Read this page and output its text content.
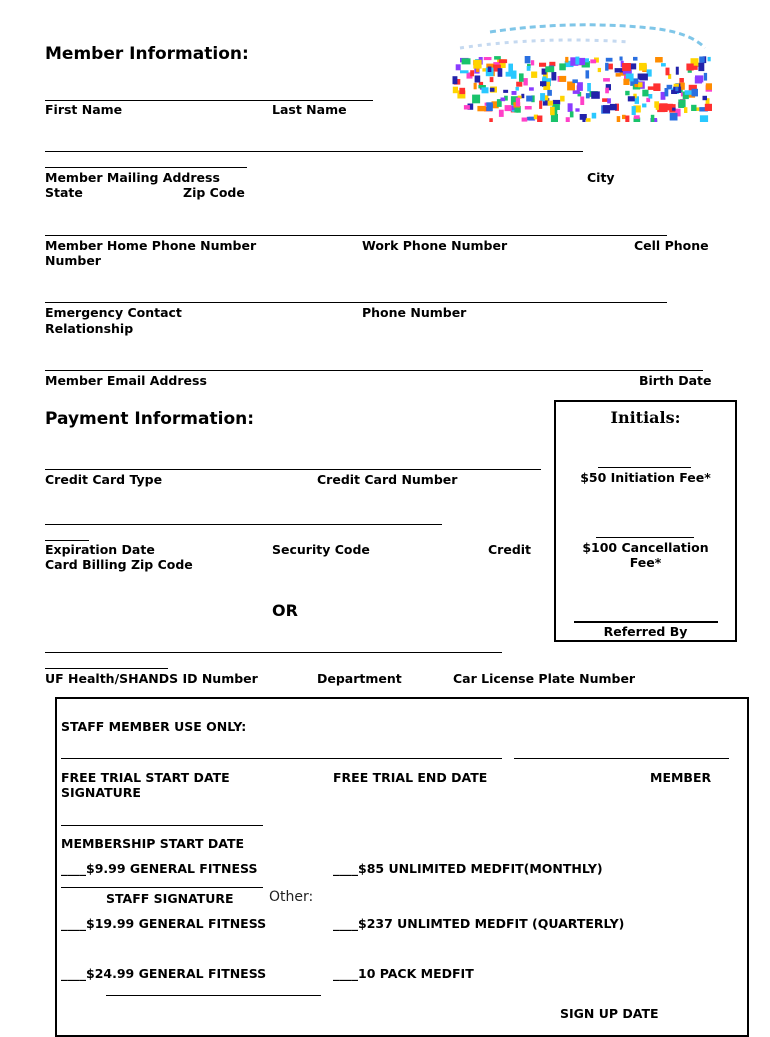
Member Information:
First Name	Last Name
Member Mailing Address	City
State	Zip Code
Member Home Phone Number	Work Phone Number	Cell Phone
Number
Emergency Contact	Phone Number
Relationship
Member Email Address	Birth Date
Payment Information:
Credit Card Type	Credit Card Number
Expiration Date	Security Code	Credit
Card Billing Zip Code
OR
UF Health/SHANDS ID Number	Department	Car License Plate Number
Initials:
$50 Initiation Fee*
$100 Cancellation
Fee*
Referred By
STAFF MEMBER USE ONLY:
FREE TRIAL START DATE	FREE TRIAL END DATE	MEMBER
SIGNATURE
MEMBERSHIP START DATE
____$9.99 GENERAL FITNESS	____$85 UNLIMITED MEDFIT(MONTHLY)
STAFF SIGNATURE	Other:
____$19.99 GENERAL FITNESS	____$237 UNLIMTED MEDFIT (QUARTERLY)
____$24.99 GENERAL FITNESS	____10 PACK MEDFIT
SIGN UP DATE
